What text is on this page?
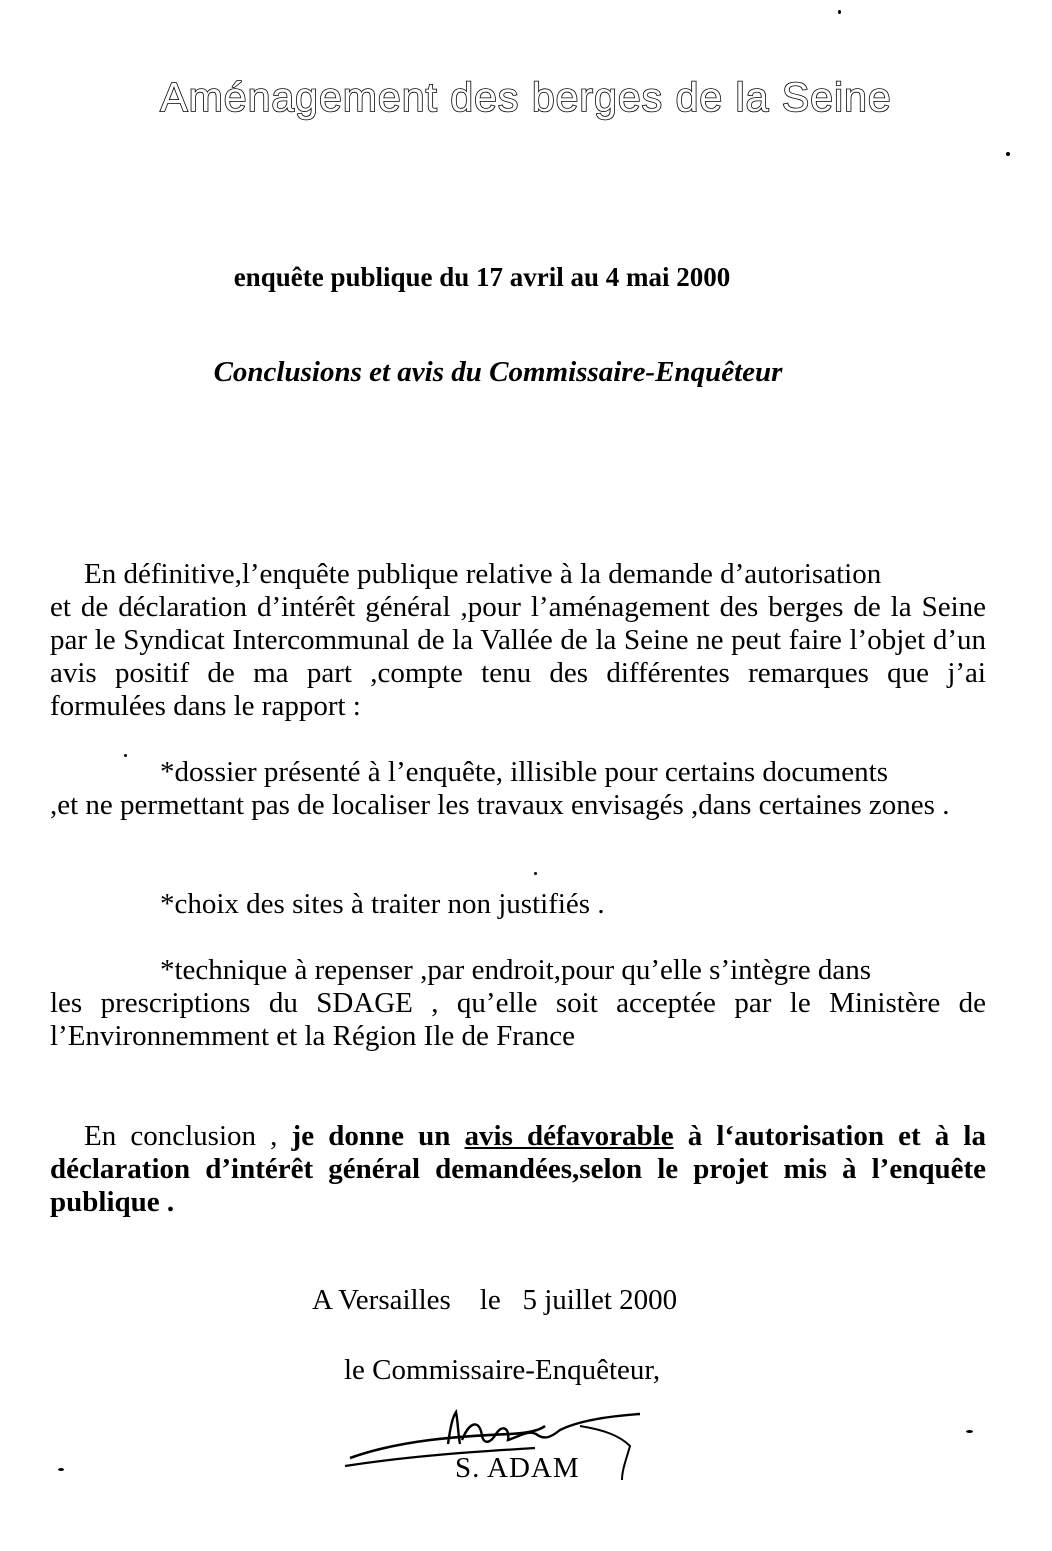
Aménagement des berges de la Seine
enquête publique du 17 avril au 4 mai 2000
Conclusions et avis du Commissaire-Enquêteur
En définitive,l’enquête publique relative à la demande d’autorisation
et de déclaration d’intérêt général ,pour l’aménagement des berges de la Seine par le Syndicat Intercommunal de la Vallée de la Seine ne peut faire l’objet d’un avis positif de ma part ,compte tenu des différentes remarques que j’ai formulées dans le rapport :
*dossier présenté à l’enquête, illisible pour certains documents
,et ne permettant pas de localiser les travaux envisagés ,dans certaines zones .
*choix des sites à traiter non justifiés .
*technique à repenser ,par endroit,pour qu’elle s’intègre dans
les prescriptions du SDAGE , qu’elle soit acceptée par le Ministère de l’Environnemment et la Région Ile de France
En conclusion , je donne un avis défavorable à l‘autorisation et à la déclaration d’intérêt général demandées,selon le projet mis à l’enquête publique .
A Versailles    le   5 juillet 2000
le Commissaire-Enquêteur,
S. ADAM
